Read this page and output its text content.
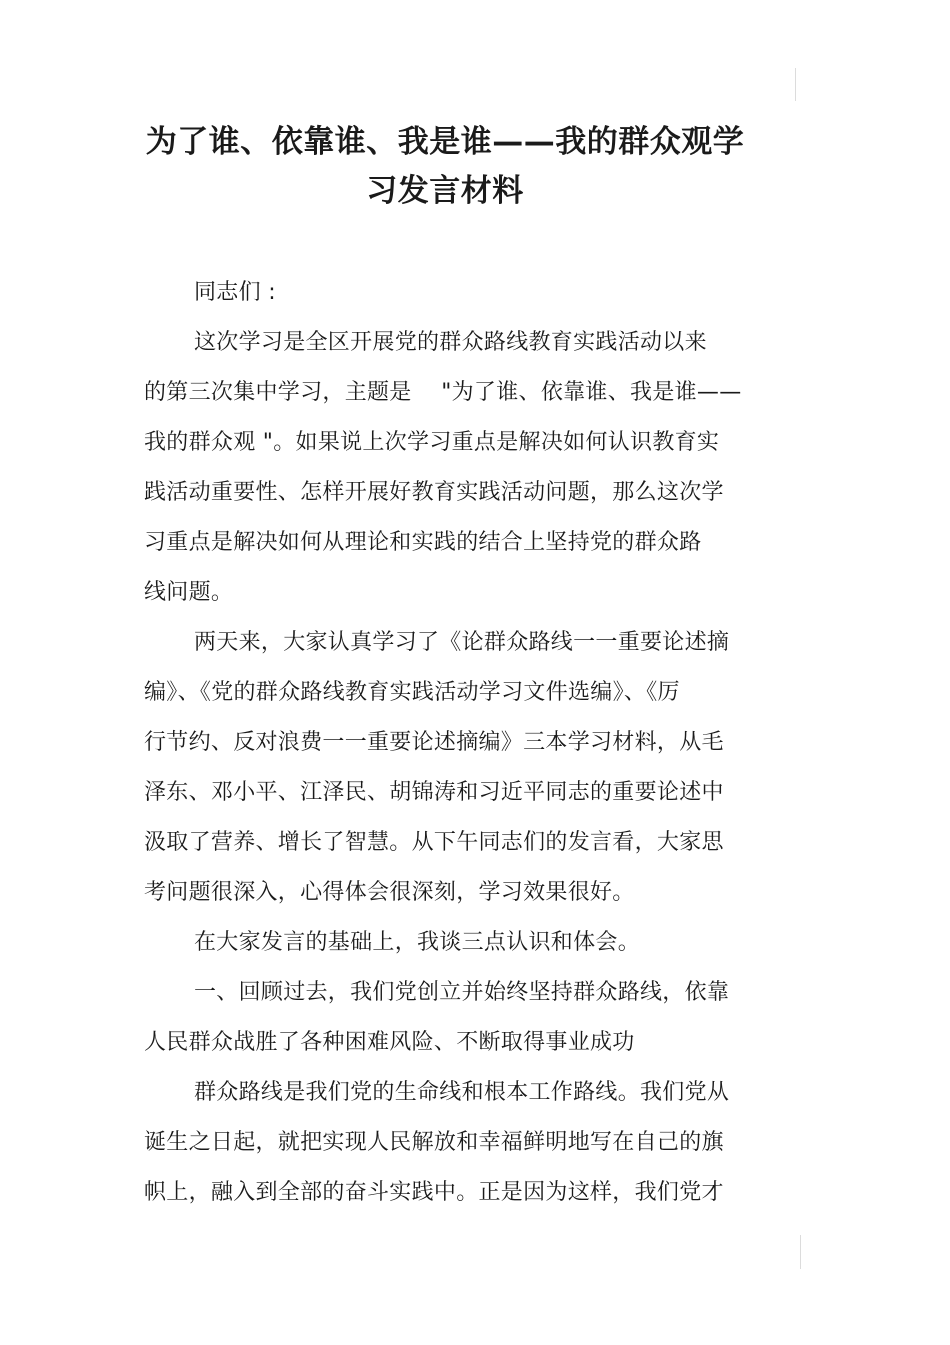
为了谁、依靠谁、我是谁——我的群众观学
习发言材料
同志们 :
这次学习是全区开展党的群众路线教育实践活动以来
的第三次集中学习，主题是　 "为了谁、依靠谁、我是谁——
我的群众观 "。如果说上次学习重点是解决如何认识教育实
践活动重要性、怎样开展好教育实践活动问题，那么这次学
习重点是解决如何从理论和实践的结合上坚持党的群众路
线问题。
两天来，大家认真学习了《论群众路线一一重要论述摘
编》、《党的群众路线教育实践活动学习文件选编》、《厉
行节约、反对浪费一一重要论述摘编》三本学习材料，从毛
泽东、邓小平、江泽民、胡锦涛和习近平同志的重要论述中
汲取了营养、增长了智慧。从下午同志们的发言看，大家思
考问题很深入，心得体会很深刻，学习效果很好。
在大家发言的基础上，我谈三点认识和体会。
一、回顾过去，我们党创立并始终坚持群众路线，依靠
人民群众战胜了各种困难风险、不断取得事业成功
群众路线是我们党的生命线和根本工作路线。我们党从
诞生之日起，就把实现人民解放和幸福鲜明地写在自己的旗
帜上，融入到全部的奋斗实践中。正是因为这样，我们党才
